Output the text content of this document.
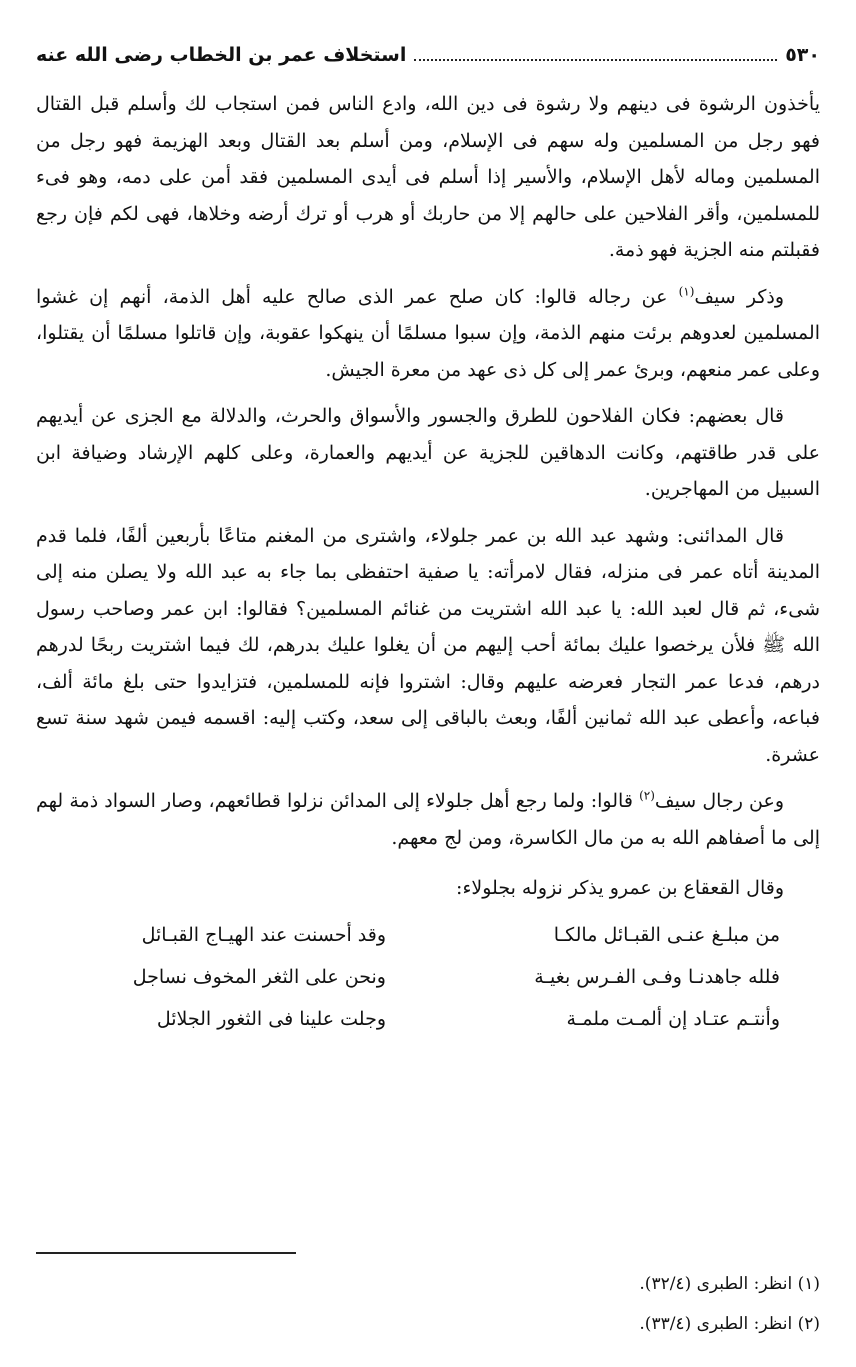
٥٣٠
استخلاف عمر بن الخطاب رضى الله عنه

يأخذون الرشوة فى دينهم ولا رشوة فى دين الله، وادع الناس فمن استجاب لك وأسلم قبل القتال فهو رجل من المسلمين وله سهم فى الإسلام، ومن أسلم بعد القتال وبعد الهزيمة فهو رجل من المسلمين وماله لأهل الإسلام، والأسير إذا أسلم فى أيدى المسلمين فقد أمن على دمه، وهو فىء للمسلمين، وأقر الفلاحين على حالهم إلا من حاربك أو هرب أو ترك أرضه وخلاها، فهى لكم فإن رجع فقبلتم منه الجزية فهو ذمة.

وذكر سيف$^{(١)}$ عن رجاله قالوا: كان صلح عمر الذى صالح عليه أهل الذمة، أنهم إن غشوا المسلمين لعدوهم برئت منهم الذمة، وإن سبوا مسلمًا أن ينهكوا عقوبة، وإن قاتلوا مسلمًا أن يقتلوا، وعلى عمر منعهم، وبرئ عمر إلى كل ذى عهد من معرة الجيش.

قال بعضهم: فكان الفلاحون للطرق والجسور والأسواق والحرث، والدلالة مع الجزى عن أيديهم على قدر طاقتهم، وكانت الدهاقين للجزية عن أيديهم والعمارة، وعلى كلهم الإرشاد وضيافة ابن السبيل من المهاجرين.

قال المدائنى: وشهد عبد الله بن عمر جلولاء، واشترى من المغنم متاعًا بأربعين ألفًا، فلما قدم المدينة أتاه عمر فى منزله، فقال لامرأته: يا صفية احتفظى بما جاء به عبد الله ولا يصلن منه إلى شىء، ثم قال لعبد الله: يا عبد الله اشتريت من غنائم المسلمين؟ فقالوا: ابن عمر وصاحب رسول الله ﷺ فلأن يرخصوا عليك بمائة أحب إليهم من أن يغلوا عليك بدرهم، لك فيما اشتريت ربحًا لدرهم درهم، فدعا عمر التجار فعرضه عليهم وقال: اشتروا فإنه للمسلمين، فتزايدوا حتى بلغ مائة ألف، فباعه، وأعطى عبد الله ثمانين ألفًا، وبعث بالباقى إلى سعد، وكتب إليه: اقسمه فيمن شهد سنة تسع عشرة.

وعن رجال سيف$^{(٢)}$ قالوا: ولما رجع أهل جلولاء إلى المدائن نزلوا قطائعهم، وصار السواد ذمة لهم إلى ما أصفاهم الله به من مال الكاسرة، ومن لج معهم.

وقال القعقاع بن عمرو يذكر نزوله بجلولاء:
من مبلـغ عنـى القبـائل مالكـا
وقد أحسنت عند الهيـاج القبـائل
فلله جاهدنـا وفـى الفـرس بغيـة
ونحن على الثغر المخوف نساجل
وأنتـم عتـاد إن ألمـت ملمـة
وجلت علينا فى الثغور الجلائل
(١) انظر: الطبرى (٣٢/٤).
(٢) انظر: الطبرى (٣٣/٤).
